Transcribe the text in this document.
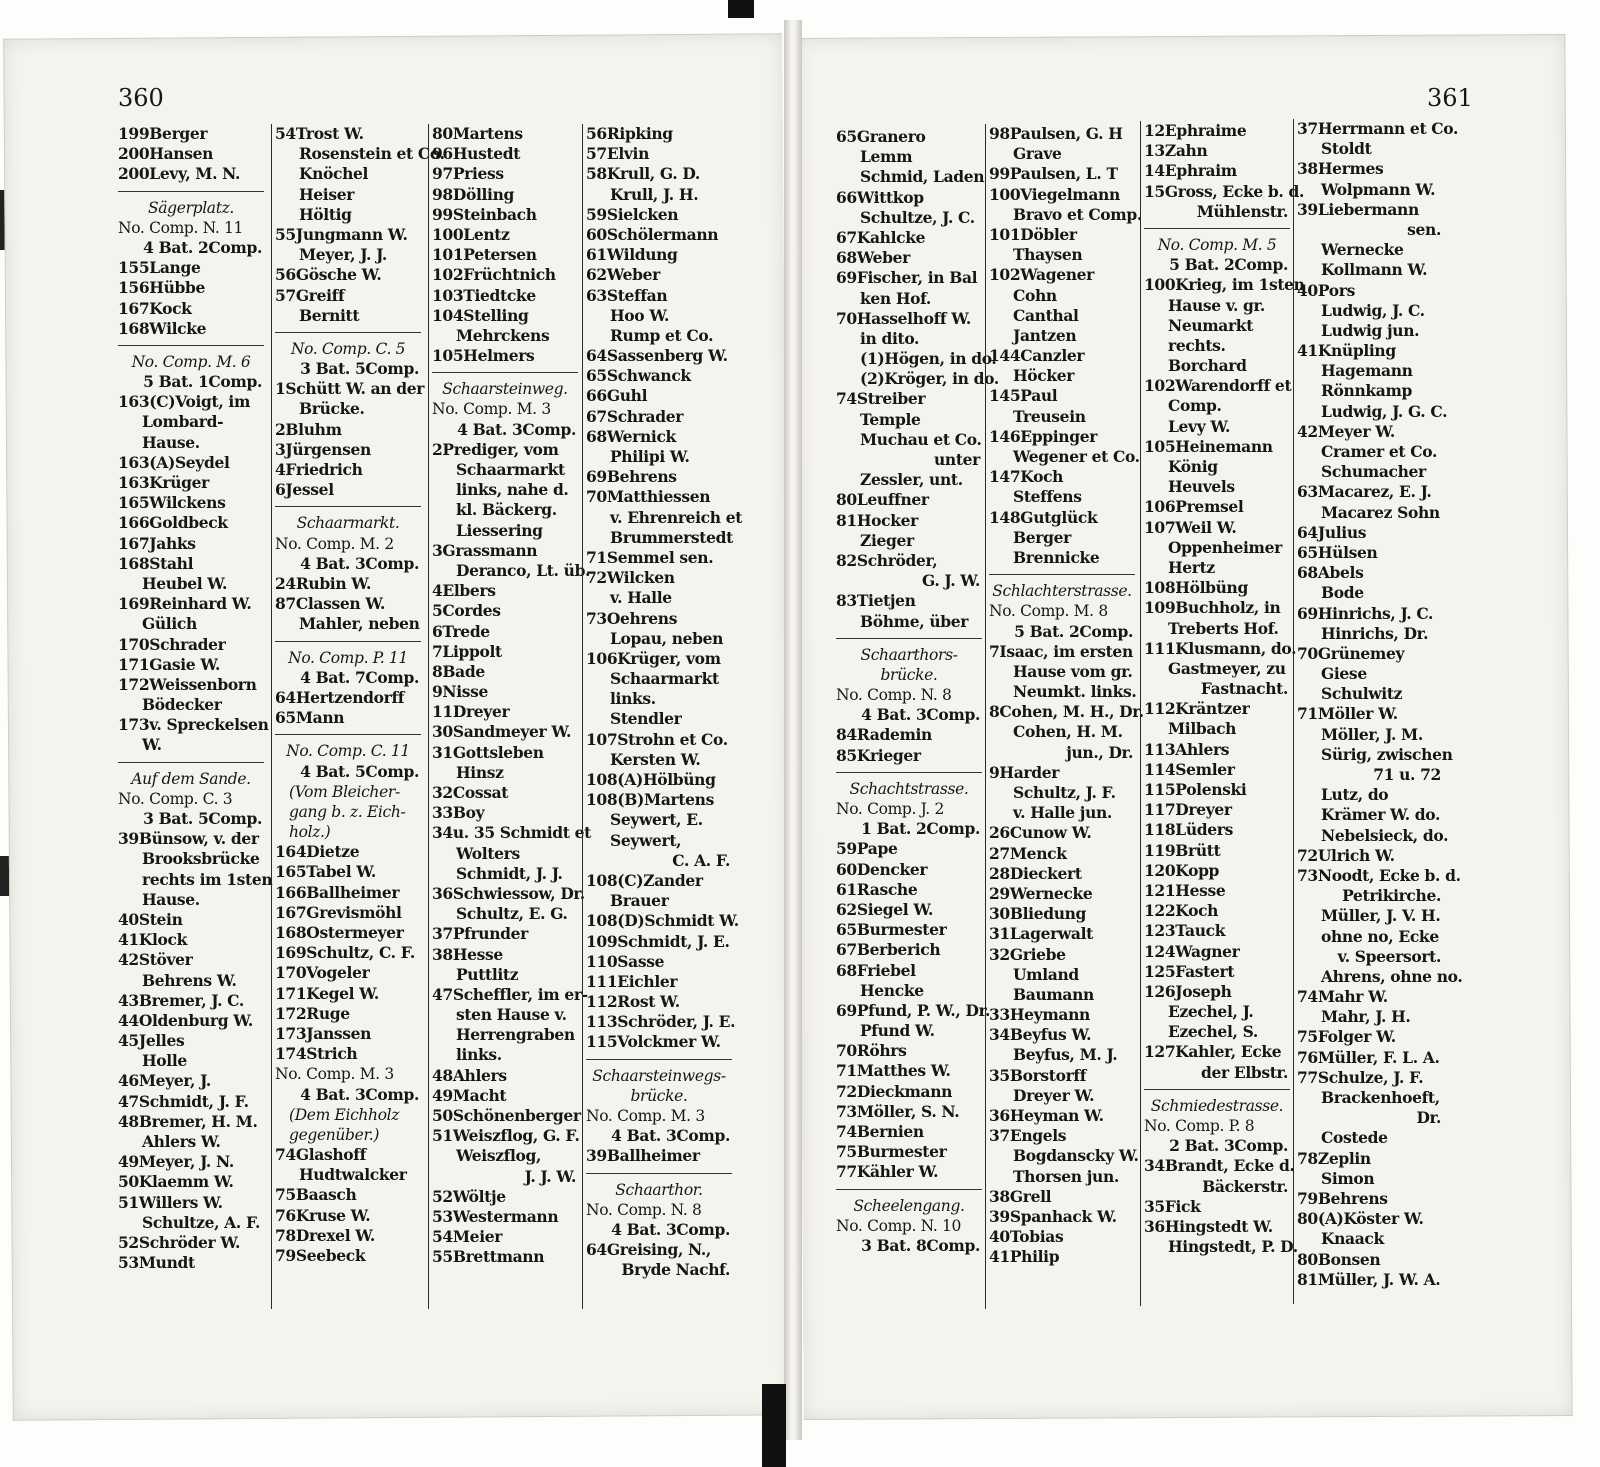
360	361
199Berger
200Hansen
200Levy, M. N.
Sägerplatz.
No. Comp. N. 11
4 Bat. 2Comp.
155Lange
156Hübbe
167Kock
168Wilcke
No. Comp. M. 6
5 Bat. 1Comp.
163(C)Voigt, im
Lombard-
Hause.
163(A)Seydel
163Krüger
165Wilckens
166Goldbeck
167Jahks
168Stahl
Heubel W.
169Reinhard W.
Gülich
170Schrader
171Gasie W.
172Weissenborn
Bödecker
173v. Spreckelsen
W.
Auf dem Sande.
No. Comp. C. 3
3 Bat. 5Comp.
39Bünsow, v. der
Brooksbrücke
rechts im 1sten
Hause.
40Stein
41Klock
42Stöver
Behrens W.
43Bremer, J. C.
44Oldenburg W.
45Jelles
Holle
46Meyer, J.
47Schmidt, J. F.
48Bremer, H. M.
Ahlers W.
49Meyer, J. N.
50Klaemm W.
51Willers W.
Schultze, A. F.
52Schröder W.
53Mundt
54Trost W.
Rosenstein et Co.
Knöchel
Heiser
Höltig
55Jungmann W.
Meyer, J. J.
56Gösche W.
57Greiff
Bernitt
No. Comp. C. 5
3 Bat. 5Comp.
1Schütt W. an der
Brücke.
2Bluhm
3Jürgensen
4Friedrich
6Jessel
Schaarmarkt.
No. Comp. M. 2
4 Bat. 3Comp.
24Rubin W.
87Classen W.
Mahler, neben
No. Comp. P. 11
4 Bat. 7Comp.
64Hertzendorff
65Mann
No. Comp. C. 11
4 Bat. 5Comp.
(Vom Bleicher-
gang b. z. Eich-
holz.)
164Dietze
165Tabel W.
166Ballheimer
167Grevismöhl
168Ostermeyer
169Schultz, C. F.
170Vogeler
171Kegel W.
172Ruge
173Janssen
174Strich
No. Comp. M. 3
4 Bat. 3Comp.
(Dem Eichholz
gegenüber.)
74Glashoff
Hudtwalcker
75Baasch
76Kruse W.
78Drexel W.
79Seebeck
80Martens
96Hustedt
97Priess
98Dölling
99Steinbach
100Lentz
101Petersen
102Früchtnich
103Tiedtcke
104Stelling
Mehrckens
105Helmers
Schaarsteinweg.
No. Comp. M. 3
4 Bat. 3Comp.
2Prediger, vom
Schaarmarkt
links, nahe d.
kl. Bäckerg.
Liessering
3Grassmann
Deranco, Lt. üb.
4Elbers
5Cordes
6Trede
7Lippolt
8Bade
9Nisse
11Dreyer
30Sandmeyer W.
31Gottsleben
Hinsz
32Cossat
33Boy
34u. 35 Schmidt et
Wolters
Schmidt, J. J.
36Schwiessow, Dr.
Schultz, E. G.
37Pfrunder
38Hesse
Puttlitz
47Scheffler, im er-
sten Hause v.
Herrengraben
links.
48Ahlers
49Macht
50Schönenberger
51Weiszflog, G. F.
Weiszflog,
J. J. W.
52Wöltje
53Westermann
54Meier
55Brettmann
56Ripking
57Elvin
58Krull, G. D.
Krull, J. H.
59Sielcken
60Schölermann
61Wildung
62Weber
63Steffan
Hoo W.
Rump et Co.
64Sassenberg W.
65Schwanck
66Guhl
67Schrader
68Wernick
Philipi W.
69Behrens
70Matthiessen
v. Ehrenreich et
Brummerstedt
71Semmel sen.
72Wilcken
v. Halle
73Oehrens
Lopau, neben
106Krüger, vom
Schaarmarkt
links.
Stendler
107Strohn et Co.
Kersten W.
108(A)Hölbüng
108(B)Martens
Seywert, E.
Seywert,
C. A. F.
108(C)Zander
Brauer
108(D)Schmidt W.
109Schmidt, J. E.
110Sasse
111Eichler
112Rost W.
113Schröder, J. E.
115Volckmer W.
Schaarsteinwegs-
brücke.
No. Comp. M. 3
4 Bat. 3Comp.
39Ballheimer
Schaarthor.
No. Comp. N. 8
4 Bat. 3Comp.
64Greising, N.,
Bryde Nachf.
65Granero
Lemm
Schmid, Laden
66Wittkop
Schultze, J. C.
67Kahlcke
68Weber
69Fischer, in Bal
ken Hof.
70Hasselhoff W.
in dito.
(1)Högen, in do.
(2)Kröger, in do.
74Streiber
Temple
Muchau et Co.
unter
Zessler, unt.
80Leuffner
81Hocker
Zieger
82Schröder,
G. J. W.
83Tietjen
Böhme, über
Schaarthors-
brücke.
No. Comp. N. 8
4 Bat. 3Comp.
84Rademin
85Krieger
Schachtstrasse.
No. Comp. J. 2
1 Bat. 2Comp.
59Pape
60Dencker
61Rasche
62Siegel W.
65Burmester
67Berberich
68Friebel
Hencke
69Pfund, P. W., Dr.
Pfund W.
70Röhrs
71Matthes W.
72Dieckmann
73Möller, S. N.
74Bernien
75Burmester
77Kähler W.
Scheelengang.
No. Comp. N. 10
3 Bat. 8Comp.
98Paulsen, G. H
Grave
99Paulsen, L. T
100Viegelmann
Bravo et Comp.
101Döbler
Thaysen
102Wagener
Cohn
Canthal
Jantzen
144Canzler
Höcker
145Paul
Treusein
146Eppinger
Wegener et Co.
147Koch
Steffens
148Gutglück
Berger
Brennicke
Schlachterstrasse.
No. Comp. M. 8
5 Bat. 2Comp.
7Isaac, im ersten
Hause vom gr.
Neumkt. links.
8Cohen, M. H., Dr.
Cohen, H. M.
jun., Dr.
9Harder
Schultz, J. F.
v. Halle jun.
26Cunow W.
27Menck
28Dieckert
29Wernecke
30Bliedung
31Lagerwalt
32Griebe
Umland
Baumann
33Heymann
34Beyfus W.
Beyfus, M. J.
35Borstorff
Dreyer W.
36Heyman W.
37Engels
Bogdanscky W.
Thorsen jun.
38Grell
39Spanhack W.
40Tobias
41Philip
12Ephraime
13Zahn
14Ephraim
15Gross, Ecke b. d.
Mühlenstr.
No. Comp. M. 5
5 Bat. 2Comp.
100Krieg, im 1sten
Hause v. gr.
Neumarkt
rechts.
Borchard
102Warendorff et
Comp.
Levy W.
105Heinemann
König
Heuvels
106Premsel
107Weil W.
Oppenheimer
Hertz
108Hölbüng
109Buchholz, in
Treberts Hof.
111Klusmann, do.
Gastmeyer, zu
Fastnacht.
112Kräntzer
Milbach
113Ahlers
114Semler
115Polenski
117Dreyer
118Lüders
119Brütt
120Kopp
121Hesse
122Koch
123Tauck
124Wagner
125Fastert
126Joseph
Ezechel, J.
Ezechel, S.
127Kahler, Ecke
der Elbstr.
Schmiedestrasse.
No. Comp. P. 8
2 Bat. 3Comp.
34Brandt, Ecke d.
Bäckerstr.
35Fick
36Hingstedt W.
Hingstedt, P. D.
37Herrmann et Co.
Stoldt
38Hermes
Wolpmann W.
39Liebermann
sen.
Wernecke
Kollmann W.
40Pors
Ludwig, J. C.
Ludwig jun.
41Knüpling
Hagemann
Rönnkamp
Ludwig, J. G. C.
42Meyer W.
Cramer et Co.
Schumacher
63Macarez, E. J.
Macarez Sohn
64Julius
65Hülsen
68Abels
Bode
69Hinrichs, J. C.
Hinrichs, Dr.
70Grünemey
Giese
Schulwitz
71Möller W.
Möller, J. M.
Sürig, zwischen
71 u. 72
Lutz, do
Krämer W. do.
Nebelsieck, do.
72Ulrich W.
73Noodt, Ecke b. d.
Petrikirche.
Müller, J. V. H.
ohne no, Ecke
v. Speersort.
Ahrens, ohne no.
74Mahr W.
Mahr, J. H.
75Folger W.
76Müller, F. L. A.
77Schulze, J. F.
Brackenhoeft,
Dr.
Costede
78Zeplin
Simon
79Behrens
80(A)Köster W.
Knaack
80Bonsen
81Müller, J. W. A.
